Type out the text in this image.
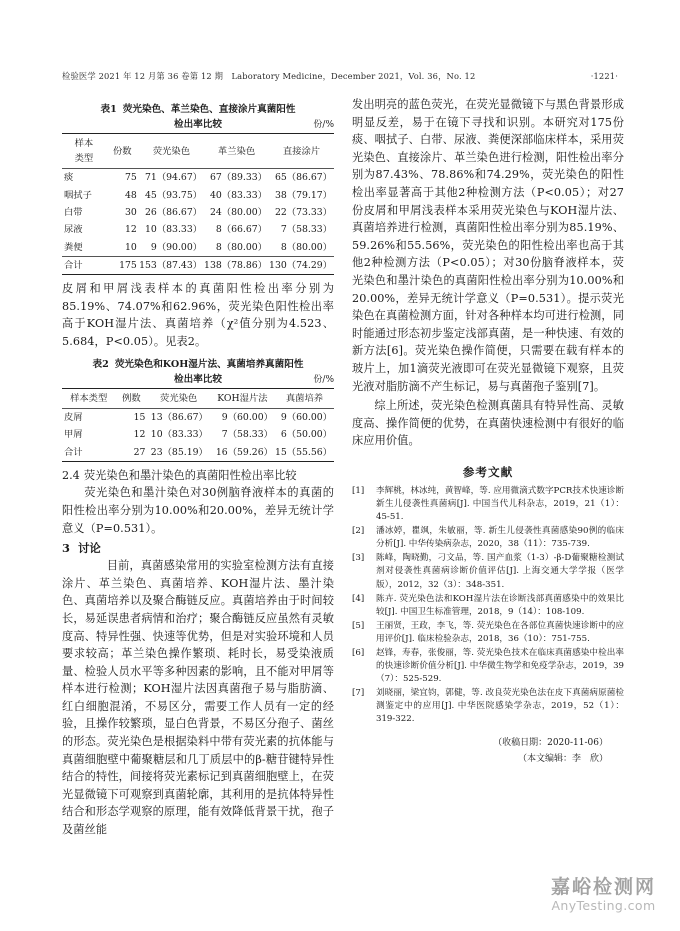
检验医学 2021 年 12 月第 36 卷第 12 期　Laboratory Medicine，December 2021，Vol. 36，No. 12	·1221·
表1 荧光染色、革兰染色、直接涂片真菌阳性
检出率比较	份/%
样本
类型	份数	荧光染色	革兰染色	直接涂片
痰	75	71（94.67）	67（89.33）	65（86.67）
咽拭子	48	45（93.75）	40（83.33）	38（79.17）
白带	30	26（86.67）	24（80.00）	22（73.33）
尿液	12	10（83.33）	8（66.67）	7（58.33）
粪便	10	9（90.00）	8（80.00）	8（80.00）
合计	175	153（87.43）	138（78.86）	130（74.29）

皮屑和甲屑浅表样本的真菌阳性检出率分别为85.19%、74.07%和62.96%，荧光染色阳性检出率高于KOH湿片法、真菌培养（χ²值分别为4.523、5.684，P<0.05）。见表2。

表2 荧光染色和KOH湿片法、真菌培养真菌阳性
检出率比较	份/%
样本类型	例数	荧光染色	KOH湿片法	真菌培养
皮屑	15	13（86.67）	9（60.00）	9（60.00）
甲屑	12	10（83.33）	7（58.33）	6（50.00）
合计	27	23（85.19）	16（59.26）	15（55.56）
2.4 荧光染色和墨汁染色的真菌阳性检出率比较

荧光染色和墨汁染色对30例脑脊液样本的真菌的阳性检出率分别为10.00%和20.00%，差异无统计学意义（P=0.531）。

3 讨论

目前，真菌感染常用的实验室检测方法有直接涂片、革兰染色、真菌培养、KOH湿片法、墨汁染色、真菌培养以及聚合酶链反应。真菌培养由于时间较长，易延误患者病情和治疗；聚合酶链反应虽然有灵敏度高、特异性强、快速等优势，但是对实验环境和人员要求较高；革兰染色操作繁琐、耗时长，易受染液质量、检验人员水平等多种因素的影响，且不能对甲屑等样本进行检测；KOH湿片法因真菌孢子易与脂肪滴、红白细胞混淆，不易区分，需要工作人员有一定的经验，且操作较繁琐，显白色背景，不易区分孢子、菌丝的形态。荧光染色是根据染料中带有荧光素的抗体能与真菌细胞壁中葡聚糖层和几丁质层中的β-糖苷键特异性结合的特性，间接将荧光素标记到真菌细胞壁上，在荧光显微镜下可观察到真菌轮廓，其利用的是抗体特异性结合和形态学观察的原理，能有效降低背景干扰，孢子及菌丝能

发出明亮的蓝色荧光，在荧光显微镜下与黑色背景形成明显反差，易于在镜下寻找和识别。本研究对175份痰、咽拭子、白带、尿液、粪便深部临床样本，采用荧光染色、直接涂片、革兰染色进行检测，阳性检出率分别为87.43%、78.86%和74.29%，荧光染色的阳性检出率显著高于其他2种检测方法（P<0.05）；对27份皮屑和甲屑浅表样本采用荧光染色与KOH湿片法、真菌培养进行检测，真菌阳性检出率分别为85.19%、59.26%和55.56%，荧光染色的阳性检出率也高于其他2种检测方法（P<0.05）；对30份脑脊液样本，荧光染色和墨汁染色的真菌阳性检出率分别为10.00%和20.00%，差异无统计学意义（P=0.531）。提示荧光染色在真菌检测方面，针对各种样本均可进行检测，同时能通过形态初步鉴定浅部真菌，是一种快速、有效的新方法[6]。荧光染色操作简便，只需要在载有样本的玻片上，加1滴荧光液即可在荧光显微镜下观察，且荧光液对脂肪滴不产生标记，易与真菌孢子鉴别[7]。

综上所述，荧光染色检测真菌具有特异性高、灵敏度高、操作简便的优势，在真菌快速检测中有很好的临床应用价值。

参考文献
[1]	李辉桃，林冰纯，黄智峰，等. 应用微滴式数字PCR技术快速诊断新生儿侵袭性真菌病[J]. 中国当代儿科杂志，2019，21（1）：45-51.
[2]	潘冰婷，瞿飒，朱敏丽，等. 新生儿侵袭性真菌感染90例的临床分析[J]. 中华传染病杂志，2020，38（11）：735-739.
[3]	陈峰，陶晓勤，刁文品，等. 国产血浆（1-3）-β-D葡聚糖检测试剂对侵袭性真菌病诊断价值评估[J]. 上海交通大学学报（医学版），2012，32（3）：348-351.
[4]	陈卉. 荧光染色法和KOH湿片法在诊断浅部真菌感染中的效果比较[J]. 中国卫生标准管理，2018，9（14）：108-109.
[5]	王丽贤，王政，李飞，等. 荧光染色在各部位真菌快速诊断中的应用评价[J]. 临床检验杂志，2018，36（10）：751-755.
[6]	赵锋，寿春，张俊丽，等. 荧光染色技术在临床真菌感染中检出率的快速诊断价值分析[J]. 中华微生物学和免疫学杂志，2019，39（7）：525-529.
[7]	刘晓丽，梁宜钧，郭健，等. 改良荧光染色法在皮下真菌病原菌检测鉴定中的应用[J]. 中华医院感染学杂志，2019，52（1）：319-322.
（收稿日期：2020-11-06）
（本文编辑：李　欣）
嘉峪检测网
AnyTesting.com
